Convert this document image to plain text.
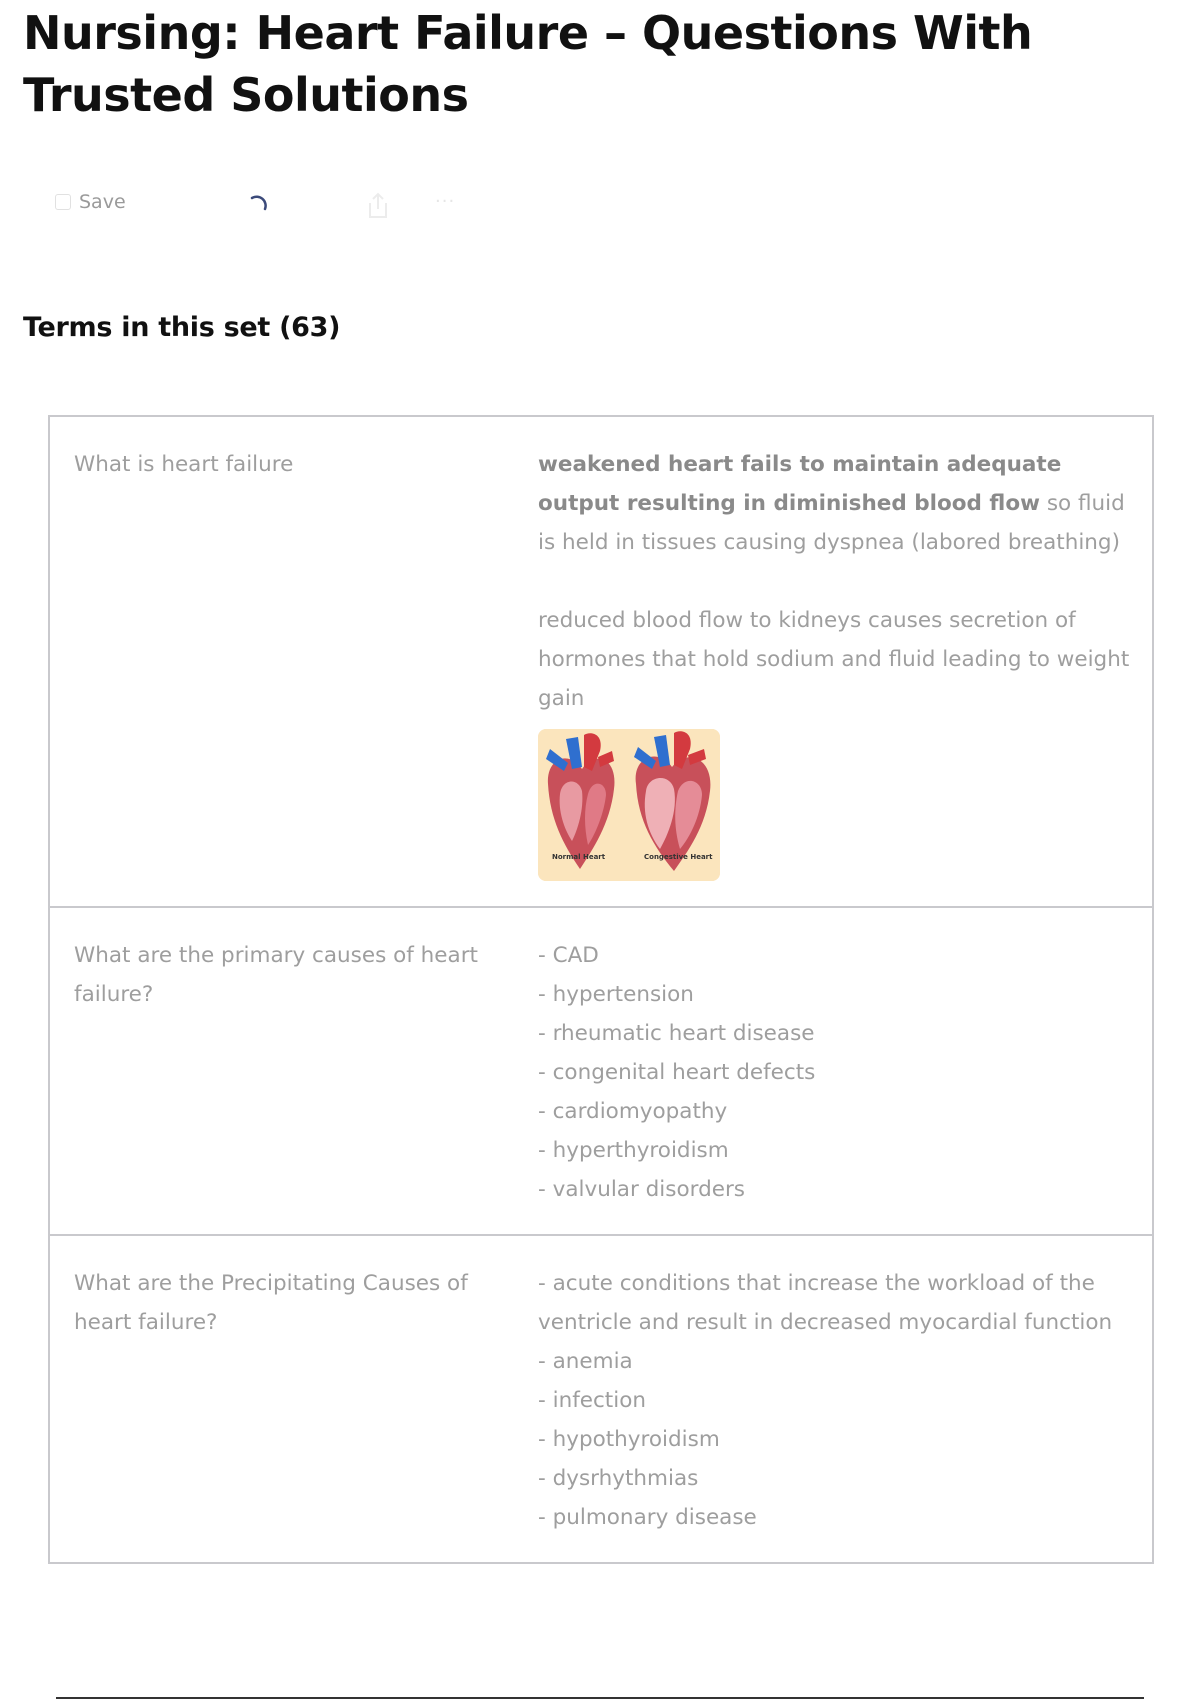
Nursing: Heart Failure – Questions With Trusted Solutions
Save	···
Terms in this set (63)
What is heart failure	weakened heart fails to maintain adequate output resulting in diminished blood flow so fluid is held in tissues causing dyspnea (labored breathing)
reduced blood flow to kidneys causes secretion of hormones that hold sodium and fluid leading to weight gain
Normal Heart	Congestive Heart
What are the primary causes of heart failure?
- CAD
- hypertension
- rheumatic heart disease
- congenital heart defects
- cardiomyopathy
- hyperthyroidism
- valvular disorders
What are the Precipitating Causes of heart failure?
- acute conditions that increase the workload of the ventricle and result in decreased myocardial function
- anemia
- infection
- hypothyroidism
- dysrhythmias
- pulmonary disease
